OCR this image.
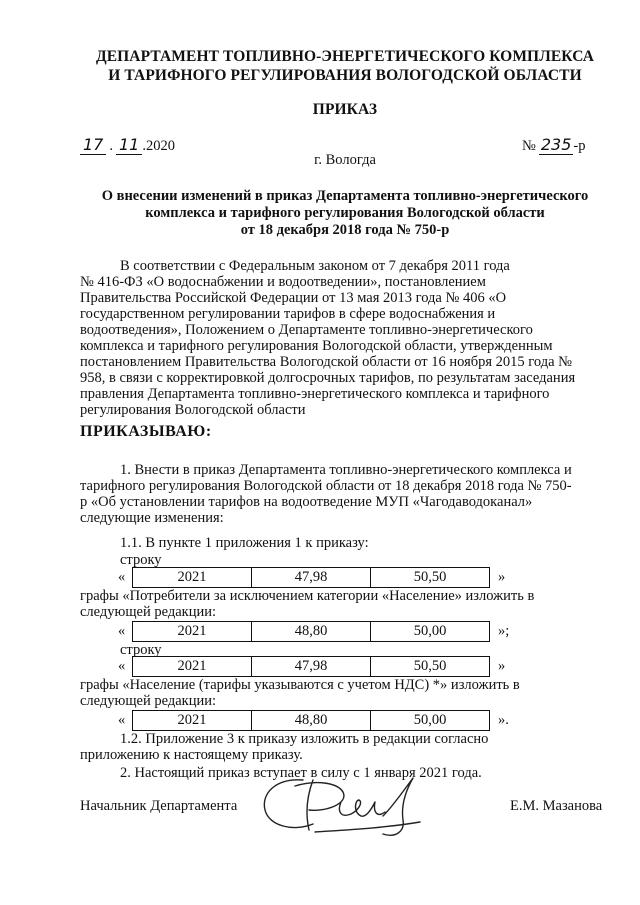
ДЕПАРТАМЕНТ ТОПЛИВНО-ЭНЕРГЕТИЧЕСКОГО КОМПЛЕКСА
И ТАРИФНОГО РЕГУЛИРОВАНИЯ ВОЛОГОДСКОЙ ОБЛАСТИ
ПРИКАЗ
17 . 11 .2020	№ 235 -р
г. Вологда
О внесении изменений в приказ Департамента топливно-энергетического
комплекса и тарифного регулирования Вологодской области
от 18 декабря 2018 года № 750-р
В соответствии с Федеральным законом от 7 декабря 2011 года
№ 416-ФЗ «О водоснабжении и водоотведении», постановлением
Правительства Российской Федерации от 13 мая 2013 года № 406 «О
государственном регулировании тарифов в сфере водоснабжения и
водоотведения», Положением о Департаменте топливно-энергетического
комплекса и тарифного регулирования Вологодской области, утвержденным
постановлением Правительства Вологодской области от 16 ноября 2015 года №
958, в связи с корректировкой долгосрочных тарифов, по результатам заседания
правления Департамента топливно-энергетического комплекса и тарифного
регулирования Вологодской области
ПРИКАЗЫВАЮ:
1. Внести в приказ Департамента топливно-энергетического комплекса и
тарифного регулирования Вологодской области от 18 декабря 2018 года № 750-
р «Об установлении тарифов на водоотведение МУП «Чагодаводоканал»
следующие изменения:
1.1. В пункте 1 приложения 1 к приказу:
строку
«	2021	47,98	50,50	»
графы «Потребители за исключением категории «Население» изложить в
следующей редакции:
«	2021	48,80	50,00	»;
строку
«	2021	47,98	50,50	»
графы «Население (тарифы указываются с учетом НДС) *» изложить в
следующей редакции:
«	2021	48,80	50,00	».
1.2. Приложение 3 к приказу изложить в редакции согласно
приложению к настоящему приказу.
2. Настоящий приказ вступает в силу с 1 января 2021 года.
Начальник Департамента	Е.М. Мазанова
